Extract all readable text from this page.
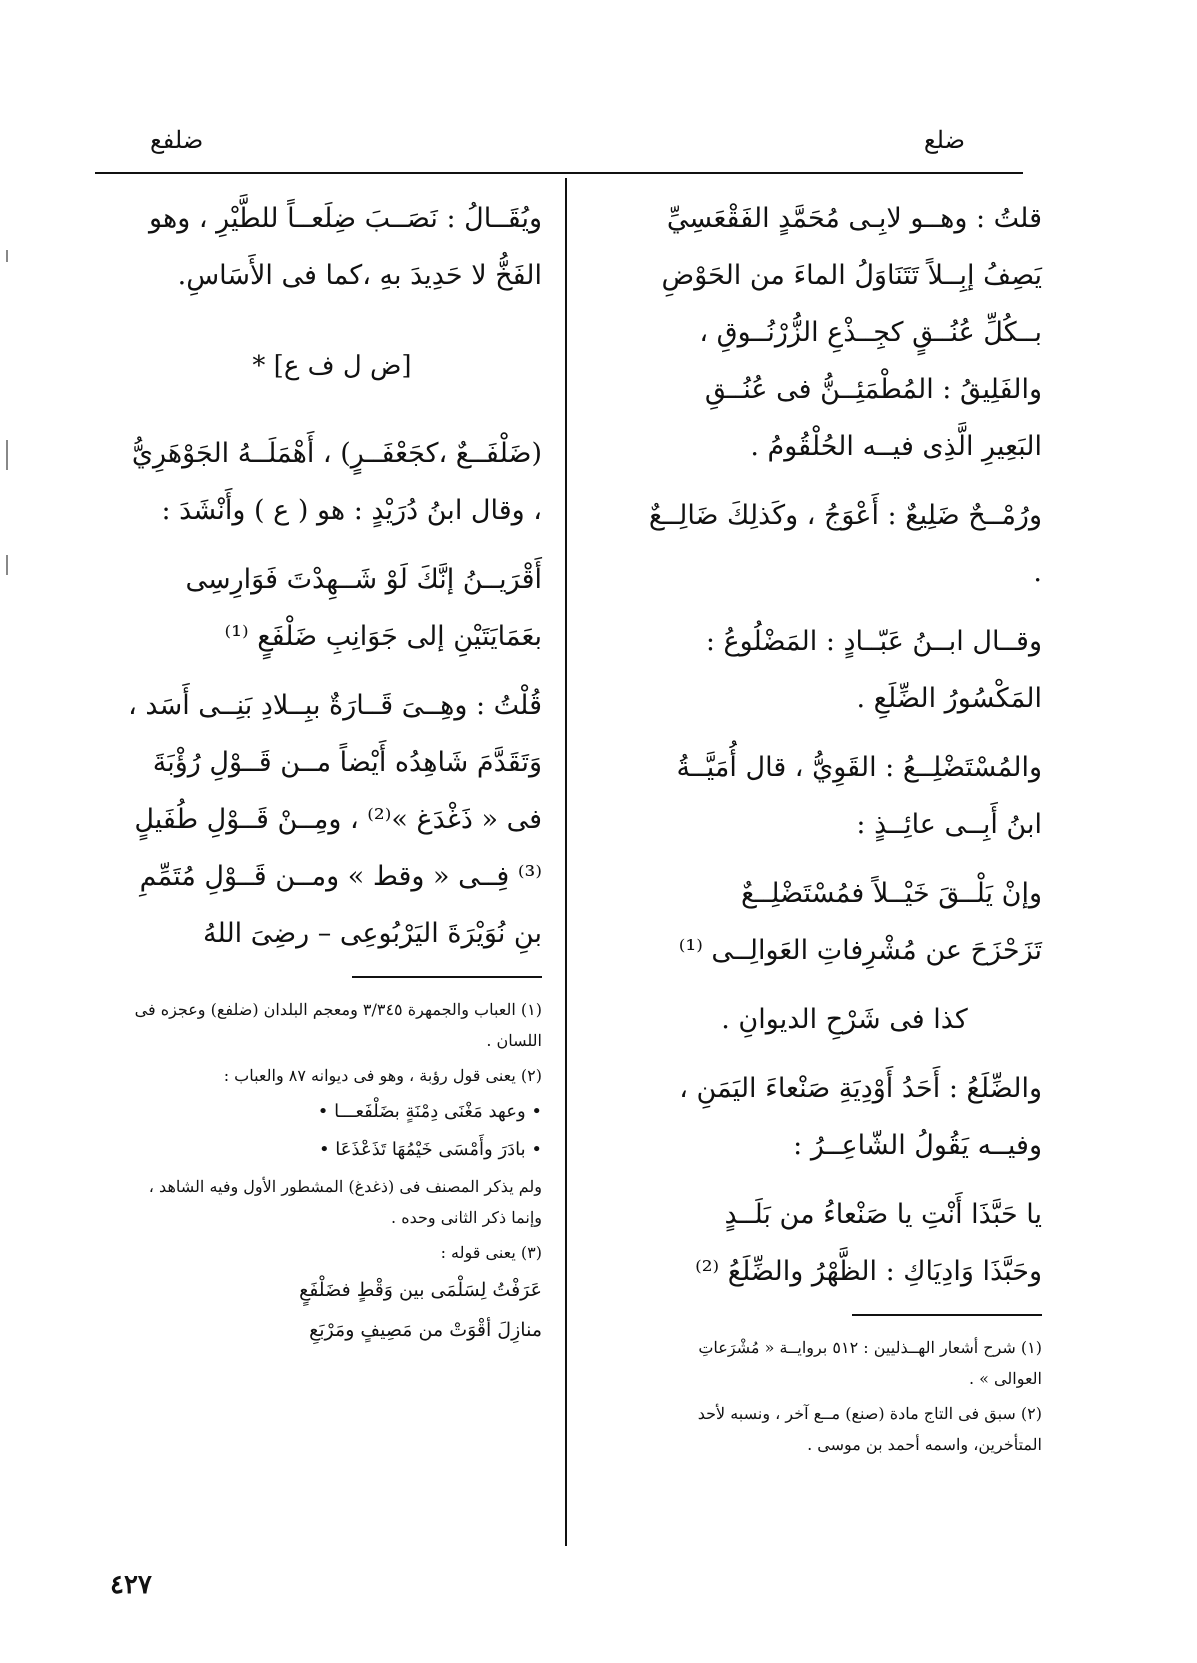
ضلع
ضلفع

قلتُ : وهــو لابِـى مُحَمَّدٍ الفَقْعَسِيِّ يَصِفُ إبِــلاً تَتَنَاوَلُ الماءَ من الحَوْضِ بــكُلِّ عُنُــقٍ كجِــذْعِ الزُّرْنُــوقِ ، والفَلِيقُ : المُطْمَئِــنُّ فى عُنُــقِ البَعِيرِ الَّذِى فيــه الحُلْقُومُ .

ورُمْــحٌ ضَلِيعٌ : أَعْوَجُ ، وكَذلِكَ ضَالِــعٌ .

وقــال ابــنُ عَبّــادٍ : المَضْلُوعُ : المَكْسُورُ الضِّلَعِ .

والمُسْتَضْلِــعُ : القَوِيُّ ، قال أُمَيَّــةُ ابنُ أَبِــى عائِــذٍ :

وإنْ يَلْــقَ خَيْــلاً فمُسْتَضْلِــعٌ
تَزَحْزَحَ عن مُشْرِفاتِ العَوالِــى ⁽¹⁾

كذا فى شَرْحِ الديوانِ .

والضِّلَعُ : أَحَدُ أَوْدِيَةِ صَنْعاءَ اليَمَنِ ، وفيــه يَقُولُ الشّاعِــرُ :

يا حَبَّذَا أَنْتِ يا صَنْعاءُ من بَلَــدٍ
وحَبَّذَا وَادِيَاكِ : الظَّهْرُ والضِّلَعُ ⁽²⁾

(١) شرح أشعار الهــذليين : ٥١٢ بروايــة « مُشْرَعاتِ العوالى » .

(٢) سبق فى التاج مادة (صنع) مــع آخر ، ونسبه لأحد المتأخرين، واسمه أحمد بن موسى .

ويُقَــالُ : نَصَــبَ ضِلَعــاً للطَّيْرِ ، وهو الفَخُّ لا حَدِيدَ بهِ ،كما فى الأَسَاسِ.

[ض ل ف ع] *

(ضَلْفَــعٌ ،كجَعْفَــرٍ) ، أَهْمَلَــهُ الجَوْهَرِيُّ ، وقال ابنُ دُرَيْدٍ : هو ( ع ) وأَنْشَدَ :

أَقْرَيــنُ إنَّكَ لَوْ شَــهِدْتَ فَوَارِسِى
بعَمَايَتَيْنِ إلى جَوَانِبِ ضَلْفَعٍ ⁽¹⁾

قُلْتُ : وهِــىَ قَــارَةٌ ببِــلادِ بَنِــى أَسَد ، وَتَقَدَّمَ شَاهِدُه أَيْضاً مــن قَــوْلِ رُؤْبَةَ فى « ذَغْدَغ »⁽²⁾ ، ومِــنْ قَــوْلِ طُفَيلٍ ⁽³⁾ فِــى « وقط » ومــن قَــوْلِ مُتَمِّمِ بنِ نُوَيْرَةَ اليَرْبُوعِى – رضِىَ اللهُ

(١) العباب والجمهرة ٣/٣٤٥ ومعجم البلدان (ضلفع) وعجزه فى اللسان .

(٢) يعنى قول رؤبة ، وهو فى ديوانه ٨٧ والعباب :

• وعهد مَغْنَى دِمْنَةٍ بضَلْفَعـــا •

• بادَرَ وأَمْسَى خَيْمُهَا تَذَعْذَعَا •

ولم يذكر المصنف فى (ذغدغ) المشطور الأول وفيه الشاهد ، وإنما ذكر الثانى وحده .

(٣) يعنى قوله :

عَرَفْتُ لِسَلْمَى بين وَقْطٍ فضَلْفَعٍ

منازِلَ أقْوَتْ من مَصِيفٍ ومَرْبَعِ

٤٢٧
